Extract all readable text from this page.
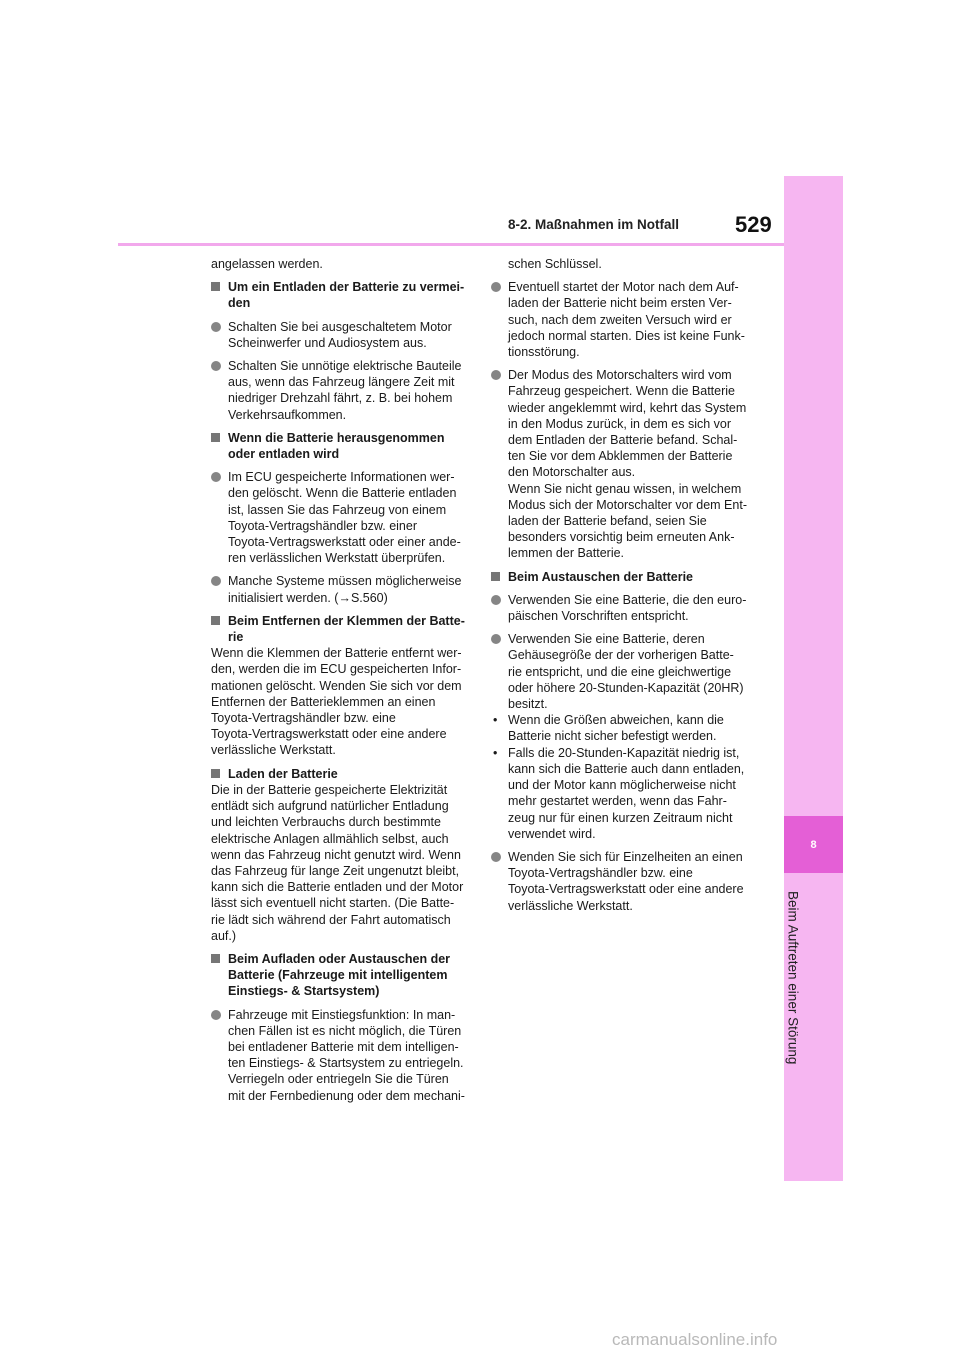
8
Beim Auftreten einer Störung
8-2. Maßnahmen im Notfall	529
angelassen werden.
Um ein Entladen der Batterie zu vermei-
den
Schalten Sie bei ausgeschaltetem Motor
Scheinwerfer und Audiosystem aus.
Schalten Sie unnötige elektrische Bauteile
aus, wenn das Fahrzeug längere Zeit mit
niedriger Drehzahl fährt, z. B. bei hohem
Verkehrsaufkommen.
Wenn die Batterie herausgenommen
oder entladen wird
Im ECU gespeicherte Informationen wer-
den gelöscht. Wenn die Batterie entladen
ist, lassen Sie das Fahrzeug von einem
Toyota-Vertragshändler bzw. einer
Toyota-Vertragswerkstatt oder einer ande-
ren verlässlichen Werkstatt überprüfen.
Manche Systeme müssen möglicherweise
initialisiert werden. (→S.560)
Beim Entfernen der Klemmen der Batte-
rie
Wenn die Klemmen der Batterie entfernt wer-
den, werden die im ECU gespeicherten Infor-
mationen gelöscht. Wenden Sie sich vor dem
Entfernen der Batterieklemmen an einen
Toyota-Vertragshändler bzw. eine
Toyota-Vertragswerkstatt oder eine andere
verlässliche Werkstatt.
Laden der Batterie
Die in der Batterie gespeicherte Elektrizität
entlädt sich aufgrund natürlicher Entladung
und leichten Verbrauchs durch bestimmte
elektrische Anlagen allmählich selbst, auch
wenn das Fahrzeug nicht genutzt wird. Wenn
das Fahrzeug für lange Zeit ungenutzt bleibt,
kann sich die Batterie entladen und der Motor
lässt sich eventuell nicht starten. (Die Batte-
rie lädt sich während der Fahrt automatisch
auf.)
Beim Aufladen oder Austauschen der
Batterie (Fahrzeuge mit intelligentem
Einstiegs- & Startsystem)
Fahrzeuge mit Einstiegsfunktion: In man-
chen Fällen ist es nicht möglich, die Türen
bei entladener Batterie mit dem intelligen-
ten Einstiegs- & Startsystem zu entriegeln.
Verriegeln oder entriegeln Sie die Türen
mit der Fernbedienung oder dem mechani-
schen Schlüssel.
Eventuell startet der Motor nach dem Auf-
laden der Batterie nicht beim ersten Ver-
such, nach dem zweiten Versuch wird er
jedoch normal starten. Dies ist keine Funk-
tionsstörung.
Der Modus des Motorschalters wird vom
Fahrzeug gespeichert. Wenn die Batterie
wieder angeklemmt wird, kehrt das System
in den Modus zurück, in dem es sich vor
dem Entladen der Batterie befand. Schal-
ten Sie vor dem Abklemmen der Batterie
den Motorschalter aus.
Wenn Sie nicht genau wissen, in welchem
Modus sich der Motorschalter vor dem Ent-
laden der Batterie befand, seien Sie
besonders vorsichtig beim erneuten Ank-
lemmen der Batterie.
Beim Austauschen der Batterie
Verwenden Sie eine Batterie, die den euro-
päischen Vorschriften entspricht.
Verwenden Sie eine Batterie, deren
Gehäusegröße der der vorherigen Batte-
rie entspricht, und die eine gleichwertige
oder höhere 20-Stunden-Kapazität (20HR)
besitzt.
• Wenn die Größen abweichen, kann die
Batterie nicht sicher befestigt werden.
• Falls die 20-Stunden-Kapazität niedrig ist,
kann sich die Batterie auch dann entladen,
und der Motor kann möglicherweise nicht
mehr gestartet werden, wenn das Fahr-
zeug nur für einen kurzen Zeitraum nicht
verwendet wird.
Wenden Sie sich für Einzelheiten an einen
Toyota-Vertragshändler bzw. eine
Toyota-Vertragswerkstatt oder eine andere
verlässliche Werkstatt.
carmanualsonline.info
